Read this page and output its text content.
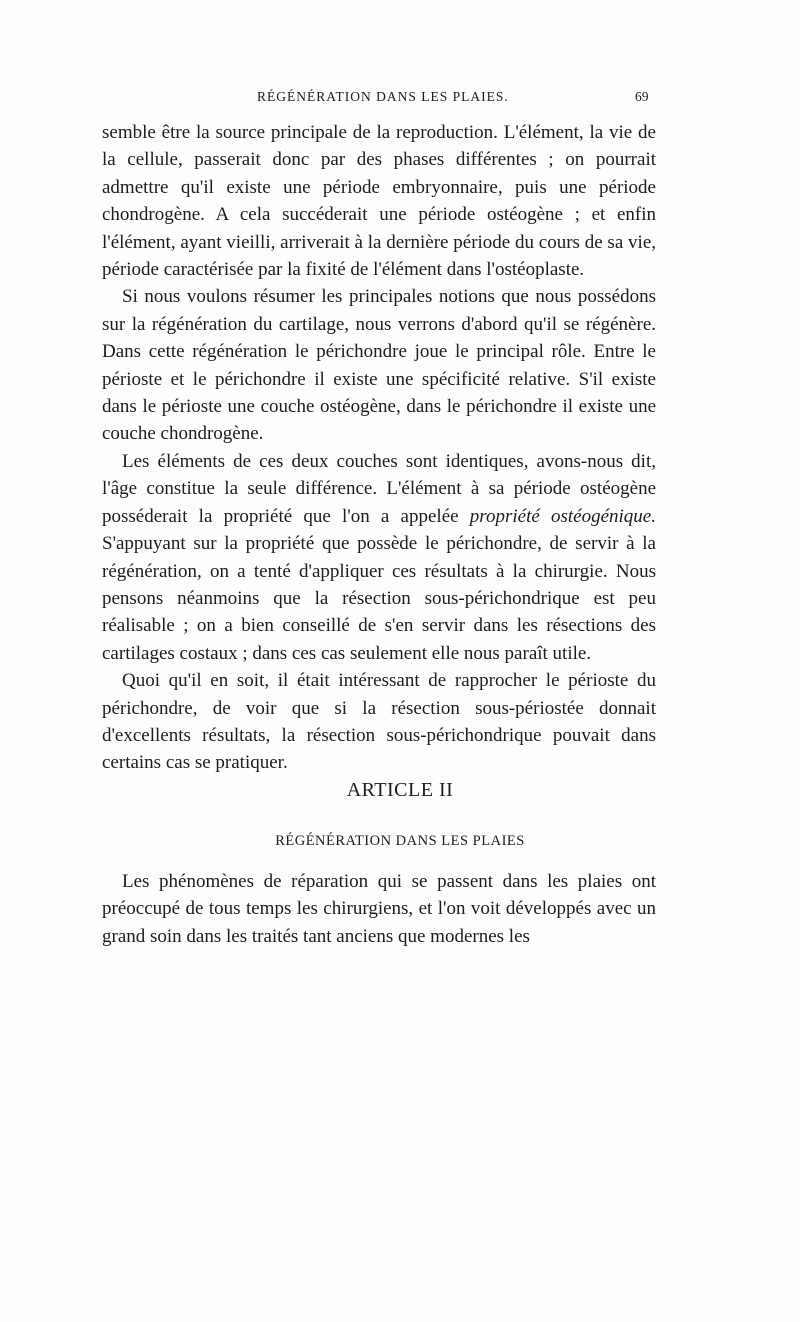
RÉGÉNÉRATION DANS LES PLAIES.	69

semble être la source principale de la reproduction. L'élément, la vie de la cellule, passerait donc par des phases différentes ; on pourrait admettre qu'il existe une période embryonnaire, puis une période chondrogène. A cela succéderait une période ostéogène ; et enfin l'élément, ayant vieilli, arriverait à la dernière période du cours de sa vie, période caractérisée par la fixité de l'élément dans l'ostéoplaste.

Si nous voulons résumer les principales notions que nous possédons sur la régénération du cartilage, nous verrons d'abord qu'il se régénère. Dans cette régénération le périchondre joue le principal rôle. Entre le périoste et le périchondre il existe une spécificité relative. S'il existe dans le périoste une couche ostéogène, dans le périchondre il existe une couche chondrogène.

Les éléments de ces deux couches sont identiques, avons-nous dit, l'âge constitue la seule différence. L'élément à sa période ostéogène posséderait la propriété que l'on a appelée propriété ostéogénique. S'appuyant sur la propriété que possède le périchondre, de servir à la régénération, on a tenté d'appliquer ces résultats à la chirurgie. Nous pensons néanmoins que la résection sous-périchondrique est peu réalisable ; on a bien conseillé de s'en servir dans les résections des cartilages costaux ; dans ces cas seulement elle nous paraît utile.

Quoi qu'il en soit, il était intéressant de rapprocher le périoste du périchondre, de voir que si la résection sous-périostée donnait d'excellents résultats, la résection sous-périchondrique pouvait dans certains cas se pratiquer.

ARTICLE II
RÉGÉNÉRATION DANS LES PLAIES

Les phénomènes de réparation qui se passent dans les plaies ont préoccupé de tous temps les chirurgiens, et l'on voit développés avec un grand soin dans les traités tant anciens que modernes les
